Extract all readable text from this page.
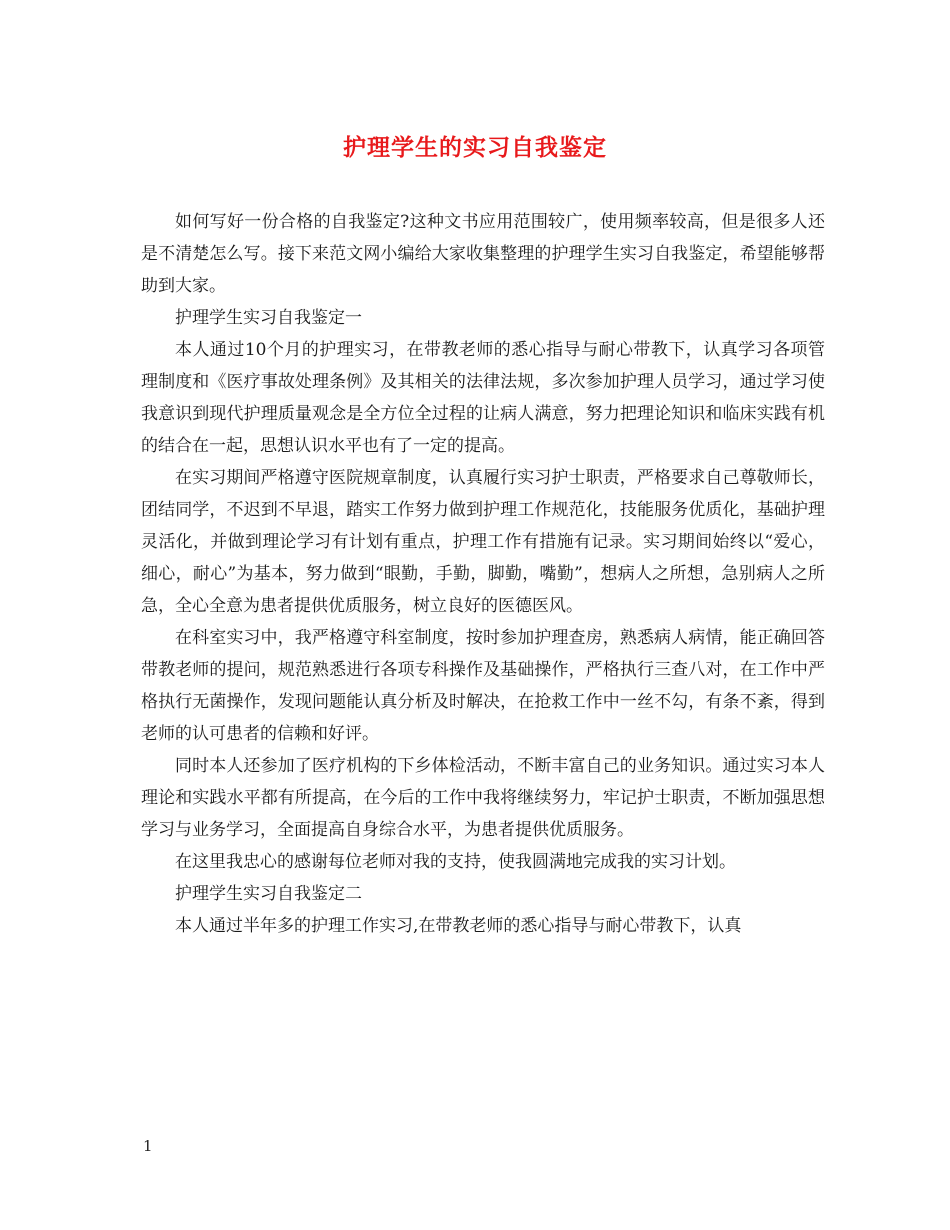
护理学生的实习自我鉴定

如何写好一份合格的自我鉴定?这种文书应用范围较广，使用频率较高，但是很多人还是不清楚怎么写。接下来范文网小编给大家收集整理的护理学生实习自我鉴定，希望能够帮助到大家。

护理学生实习自我鉴定一

本人通过10个月的护理实习，在带教老师的悉心指导与耐心带教下，认真学习各项管理制度和《医疗事故处理条例》及其相关的法律法规，多次参加护理人员学习，通过学习使我意识到现代护理质量观念是全方位全过程的让病人满意，努力把理论知识和临床实践有机的结合在一起，思想认识水平也有了一定的提高。

在实习期间严格遵守医院规章制度，认真履行实习护士职责，严格要求自己尊敬师长，团结同学，不迟到不早退，踏实工作努力做到护理工作规范化，技能服务优质化，基础护理灵活化，并做到理论学习有计划有重点，护理工作有措施有记录。实习期间始终以“爱心，细心，耐心”为基本，努力做到“眼勤，手勤，脚勤，嘴勤”，想病人之所想，急别病人之所急，全心全意为患者提供优质服务，树立良好的医德医风。

在科室实习中，我严格遵守科室制度，按时参加护理查房，熟悉病人病情，能正确回答带教老师的提问，规范熟悉进行各项专科操作及基础操作，严格执行三查八对，在工作中严格执行无菌操作，发现问题能认真分析及时解决，在抢救工作中一丝不勾，有条不紊，得到老师的认可患者的信赖和好评。

同时本人还参加了医疗机构的下乡体检活动，不断丰富自己的业务知识。通过实习本人理论和实践水平都有所提高，在今后的工作中我将继续努力，牢记护士职责，不断加强思想学习与业务学习，全面提高自身综合水平，为患者提供优质服务。

在这里我忠心的感谢每位老师对我的支持，使我圆满地完成我的实习计划。

护理学生实习自我鉴定二

本人通过半年多的护理工作实习,在带教老师的悉心指导与耐心带教下，认真

1
